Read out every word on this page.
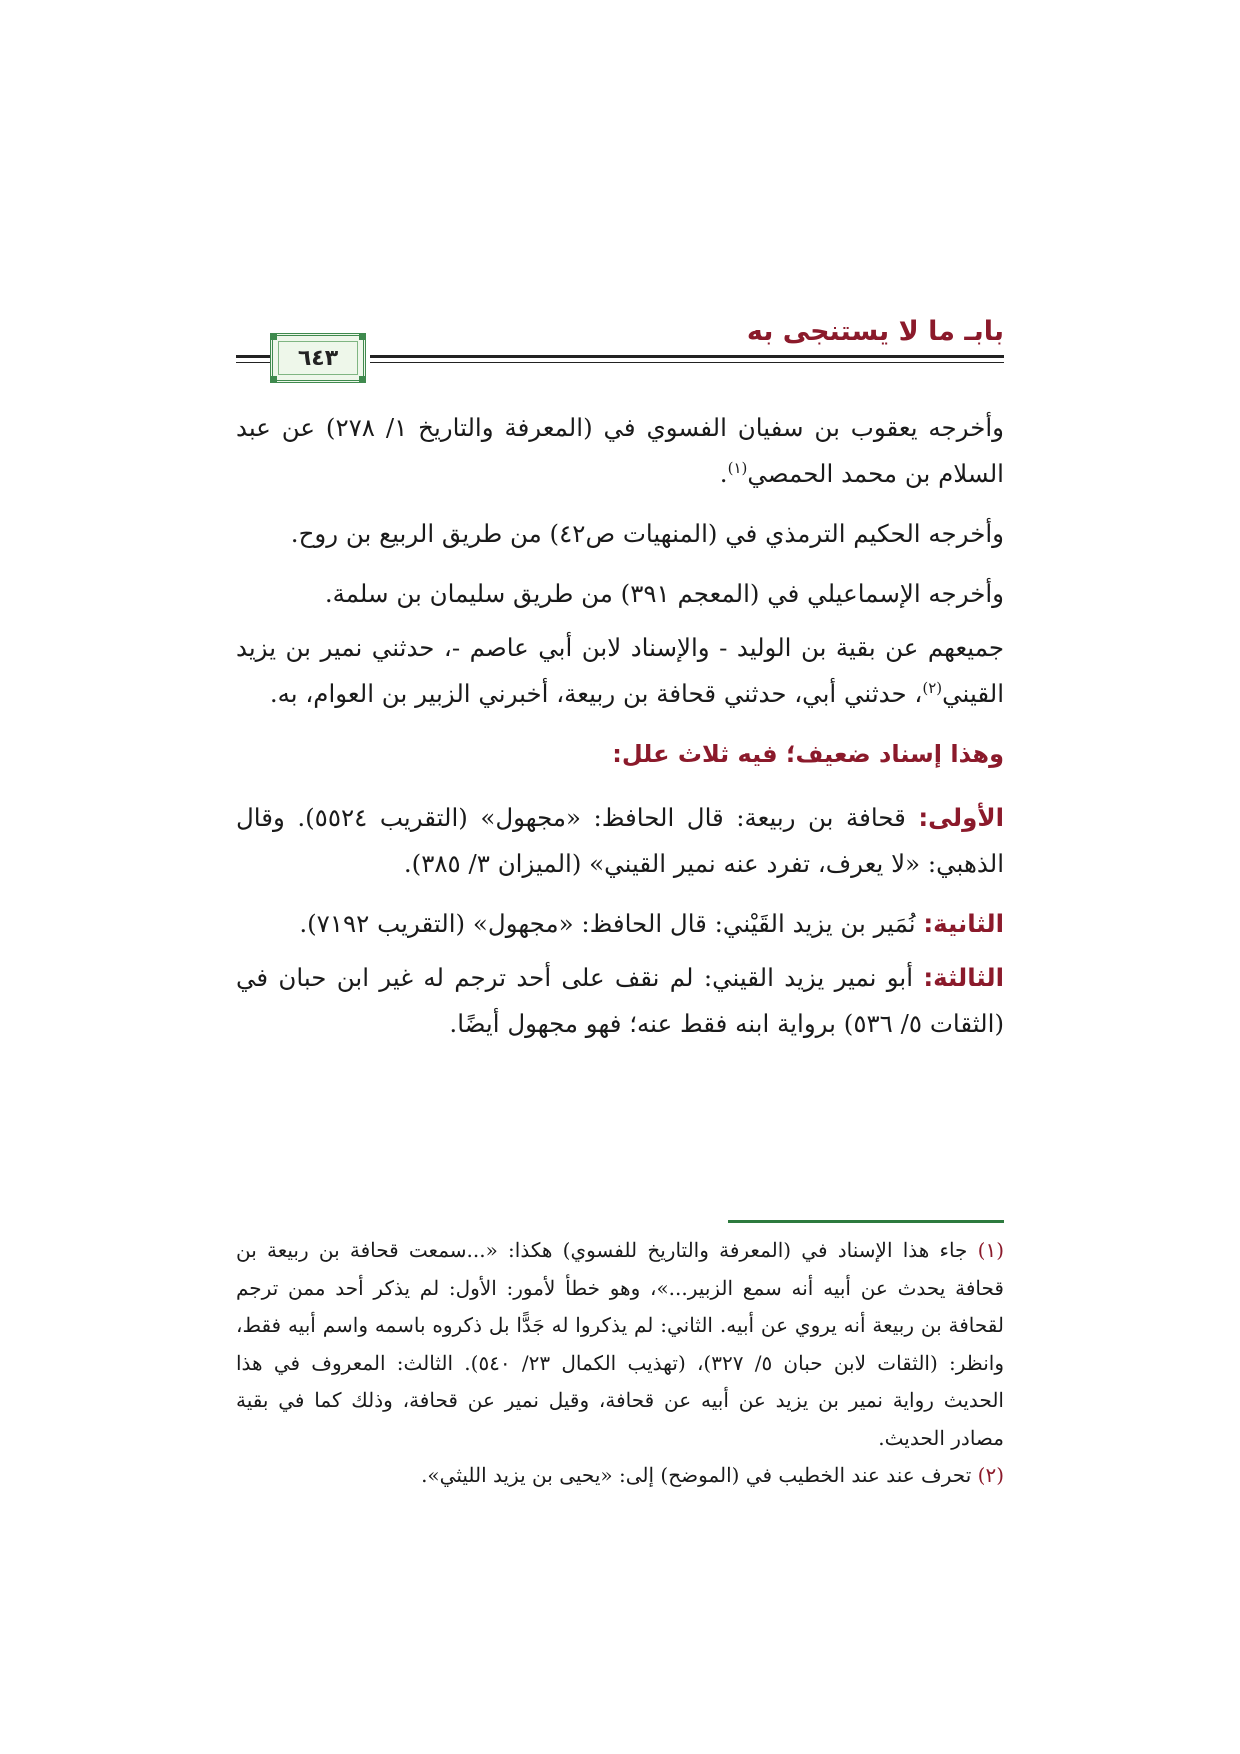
بابـ ما لا يستنجى به
٦٤٣

وأخرجه يعقوب بن سفيان الفسوي في (المعرفة والتاريخ ١/ ٢٧٨) عن عبد السلام بن محمد الحمصي$^{(١)}$.

وأخرجه الحكيم الترمذي في (المنهيات ص٤٢) من طريق الربيع بن روح.

وأخرجه الإسماعيلي في (المعجم ٣٩١) من طريق سليمان بن سلمة.

جميعهم عن بقية بن الوليد - والإسناد لابن أبي عاصم -، حدثني نمير بن يزيد القيني$^{(٢)}$، حدثني أبي، حدثني قحافة بن ربيعة، أخبرني الزبير بن العوام، به.

وهذا إسناد ضعيف؛ فيه ثلاث علل:

الأولى: قحافة بن ربيعة: قال الحافظ: «مجهول» (التقريب ٥٥٢٤). وقال الذهبي: «لا يعرف، تفرد عنه نمير القيني» (الميزان ٣/ ٣٨٥).

الثانية: نُمَير بن يزيد القَيْني: قال الحافظ: «مجهول» (التقريب ٧١٩٢).

الثالثة: أبو نمير يزيد القيني: لم نقف على أحد ترجم له غير ابن حبان في (الثقات ٥/ ٥٣٦) برواية ابنه فقط عنه؛ فهو مجهول أيضًا.

(١) جاء هذا الإسناد في (المعرفة والتاريخ للفسوي) هكذا: «...سمعت قحافة بن ربيعة بن قحافة يحدث عن أبيه أنه سمع الزبير...»، وهو خطأ لأمور: الأول: لم يذكر أحد ممن ترجم لقحافة بن ربيعة أنه يروي عن أبيه. الثاني: لم يذكروا له جَدًّا بل ذكروه باسمه واسم أبيه فقط، وانظر: (الثقات لابن حبان ٥/ ٣٢٧)، (تهذيب الكمال ٢٣/ ٥٤٠). الثالث: المعروف في هذا الحديث رواية نمير بن يزيد عن أبيه عن قحافة، وقيل نمير عن قحافة، وذلك كما في بقية مصادر الحديث.

(٢) تحرف عند عند الخطيب في (الموضح) إلى: «يحيى بن يزيد الليثي».
